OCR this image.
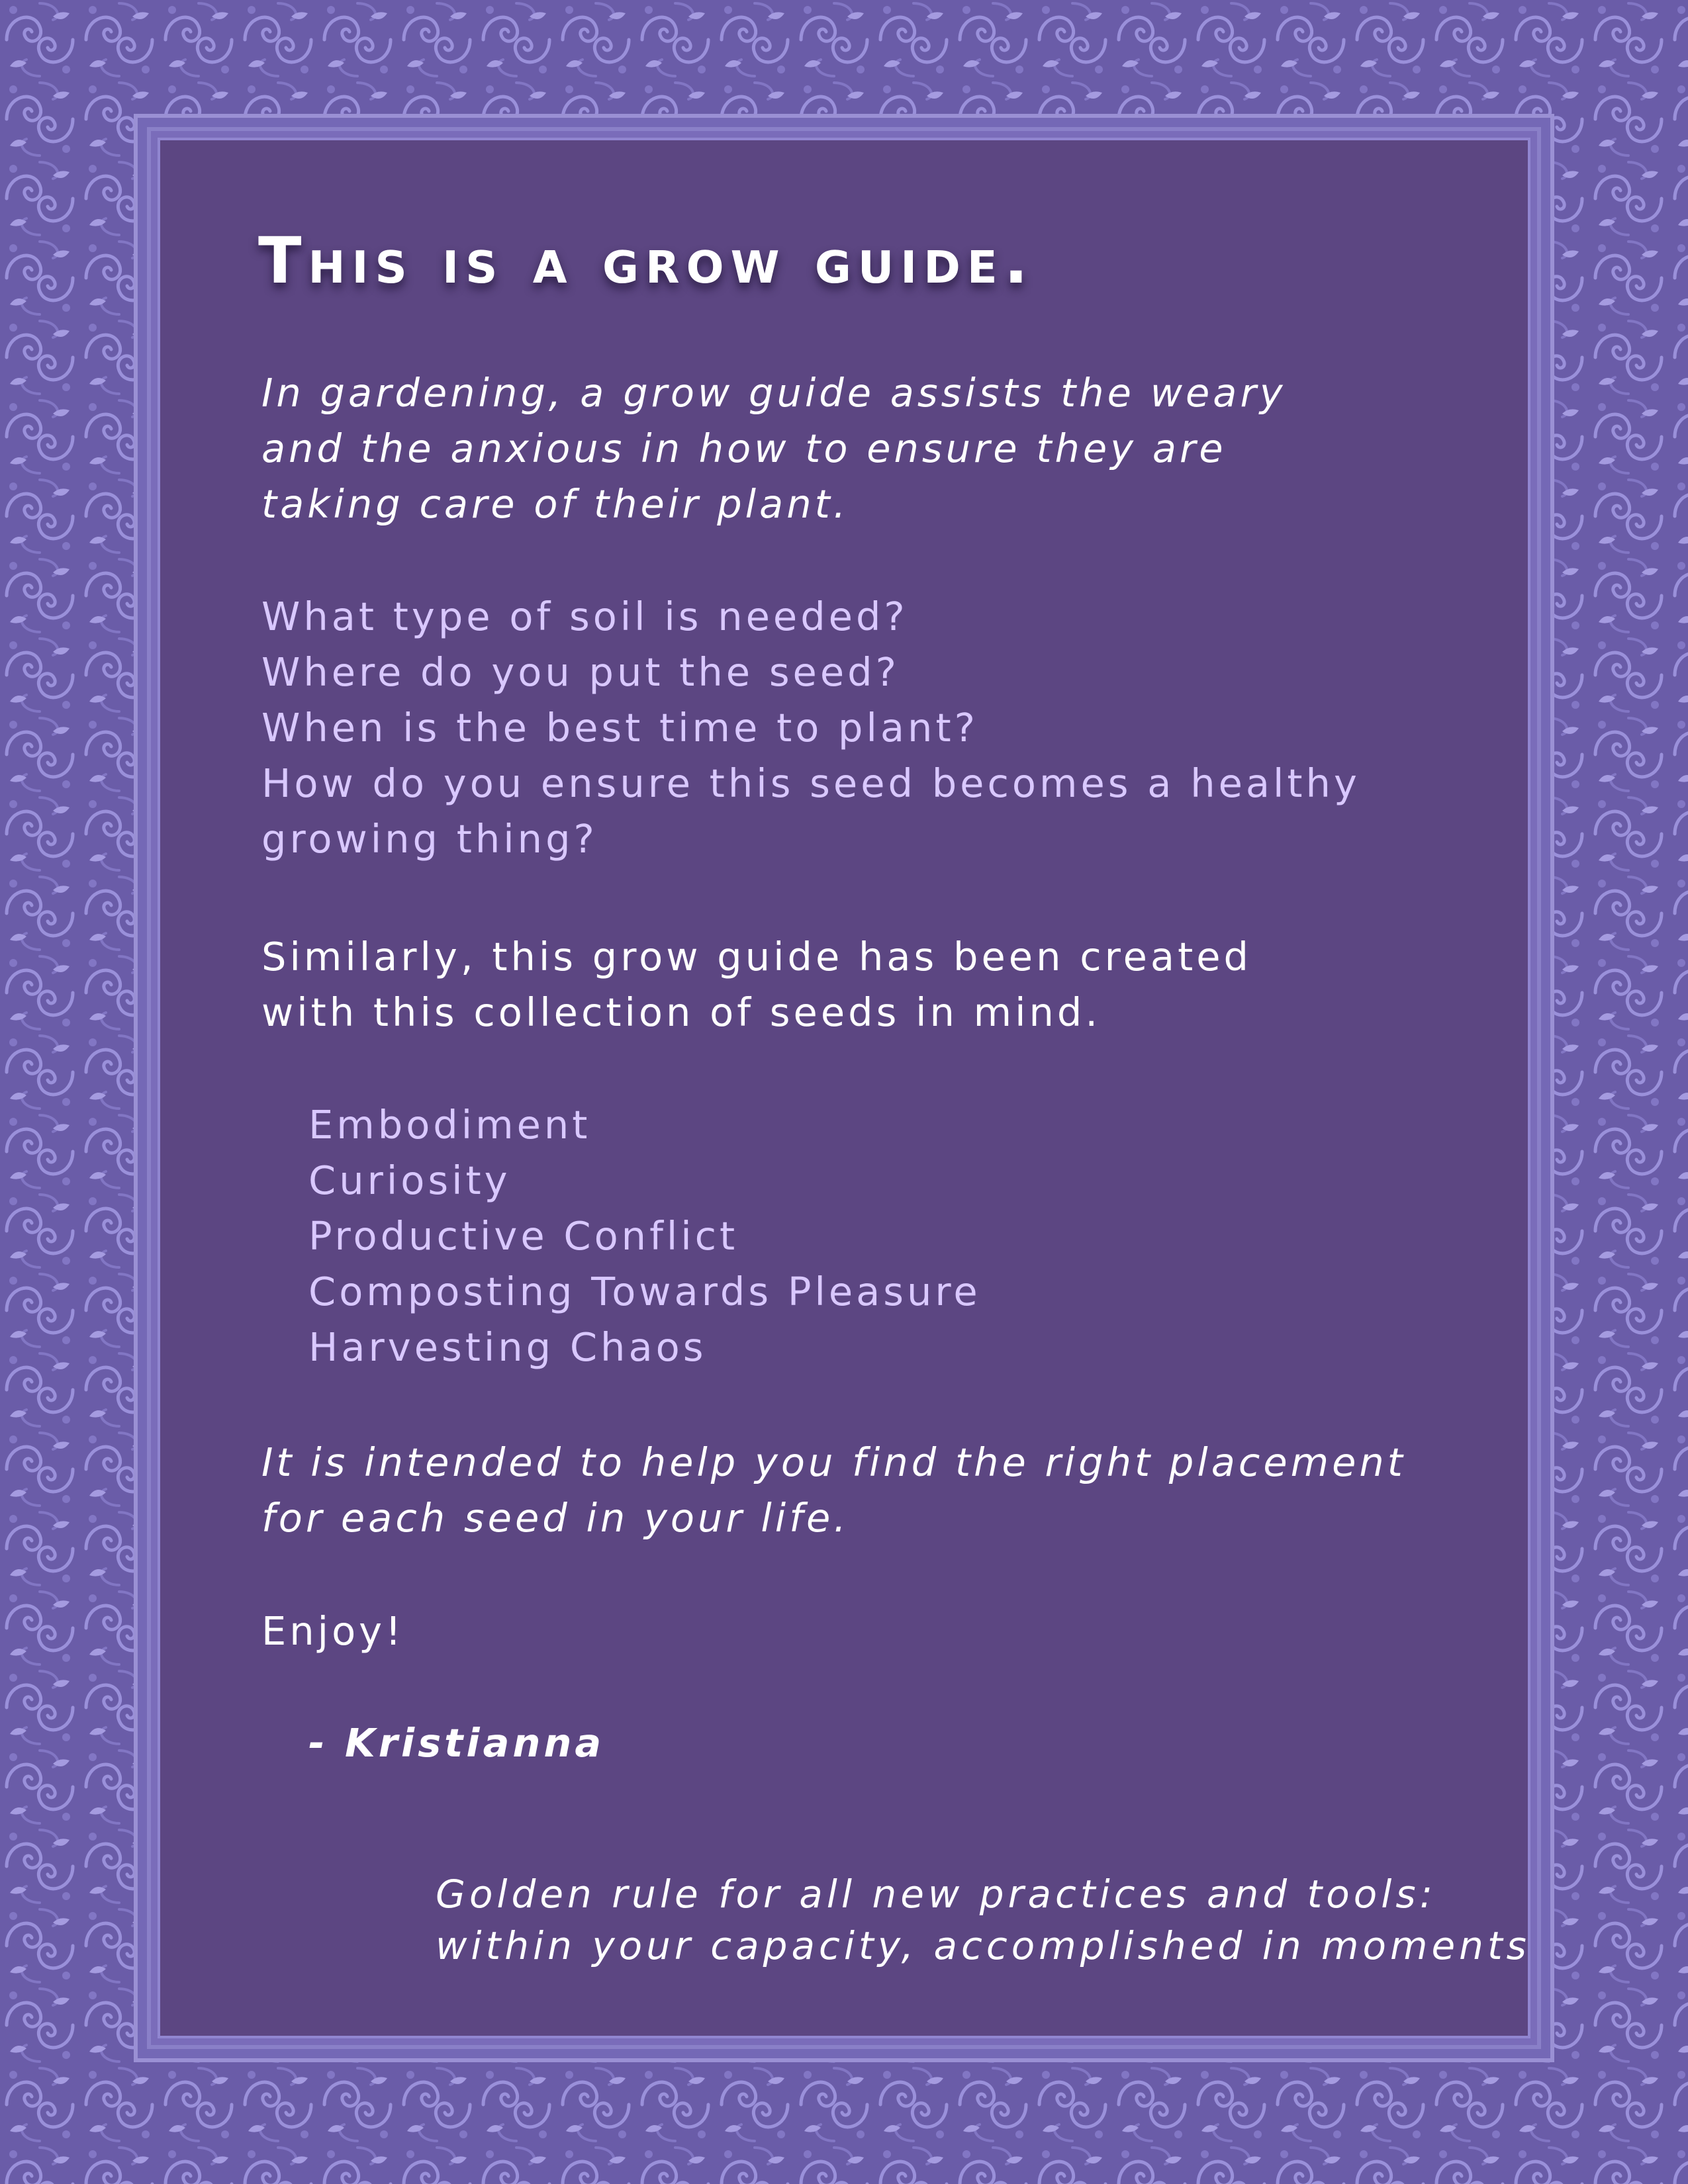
This is a grow guide.
In gardening, a grow guide assists the weary
and the anxious in how to ensure they are
taking care of their plant.
What type of soil is needed?
Where do you put the seed?
When is the best time to plant?
How do you ensure this seed becomes a healthy
growing thing?
Similarly, this grow guide has been created
with this collection of seeds in mind.
Embodiment
Curiosity
Productive Conflict
Composting Towards Pleasure
Harvesting Chaos
It is intended to help you find the right placement
for each seed in your life.
Enjoy!
- Kristianna
Golden rule for all new practices and tools:
within your capacity, accomplished in moments
